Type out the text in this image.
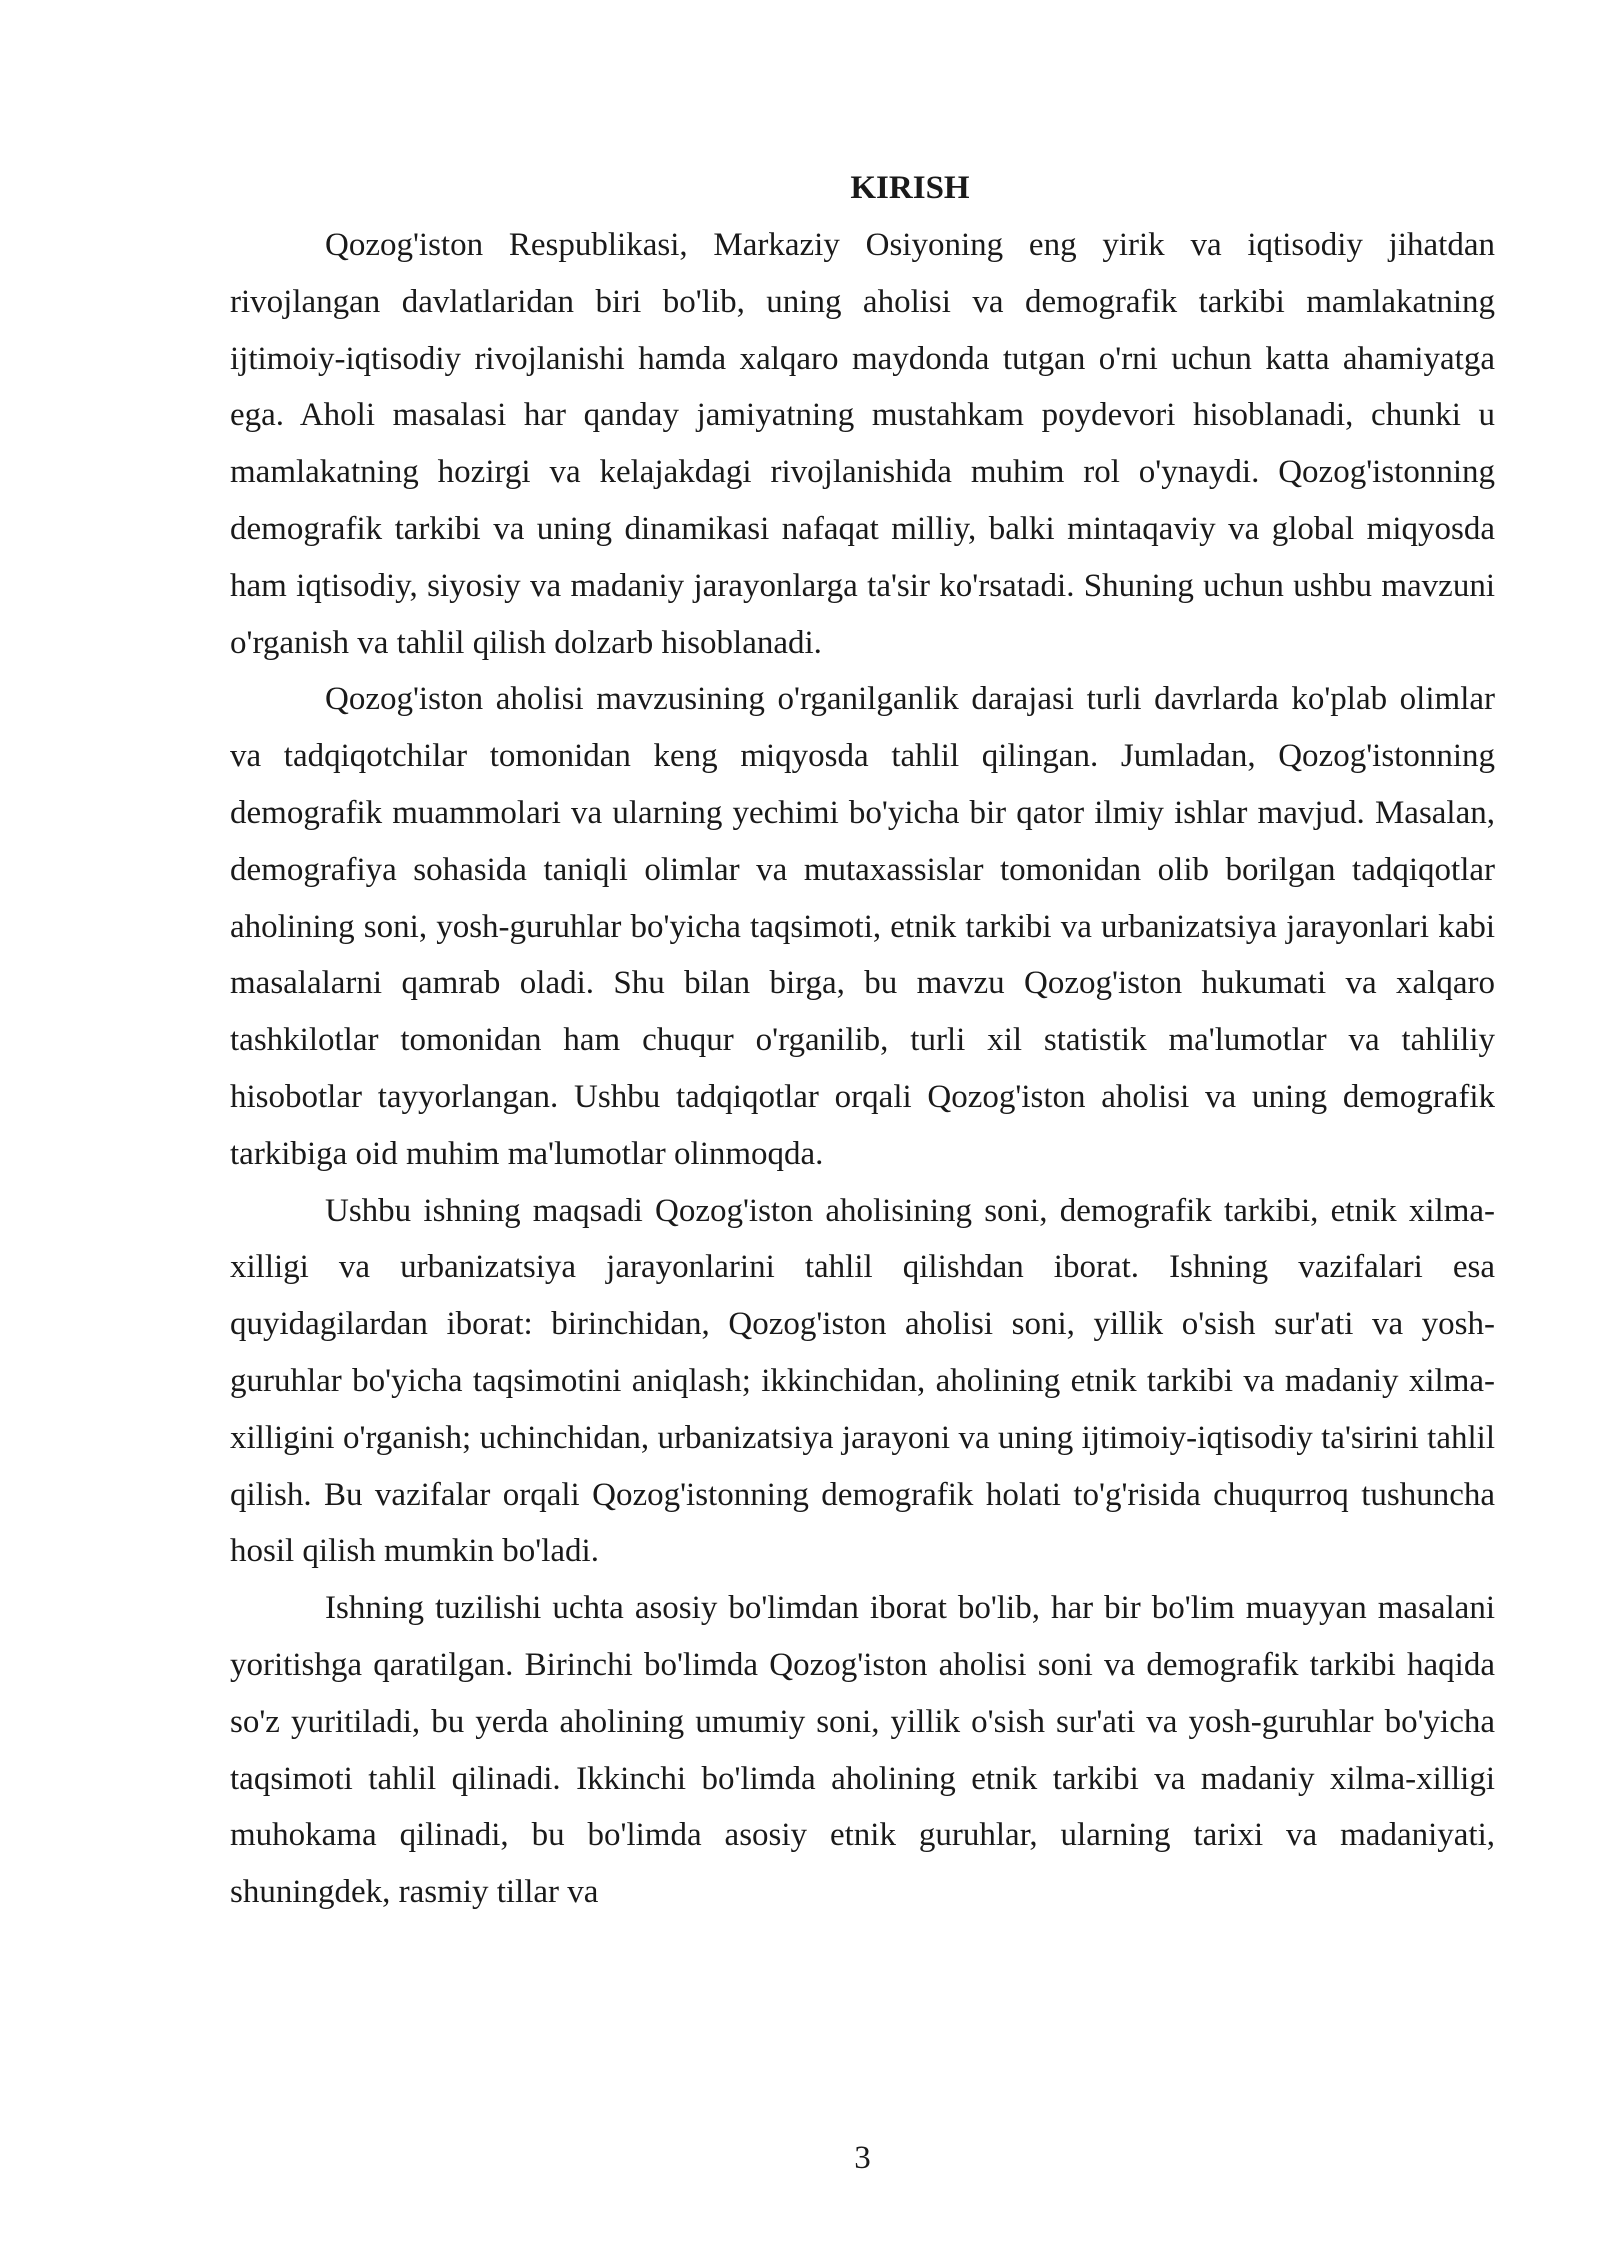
KIRISH

Qozog'iston Respublikasi, Markaziy Osiyoning eng yirik va iqtisodiy jihatdan rivojlangan davlatlaridan biri bo'lib, uning aholisi va demografik tarkibi mamlakatning ijtimoiy-iqtisodiy rivojlanishi hamda xalqaro maydonda tutgan o'rni uchun katta ahamiyatga ega. Aholi masalasi har qanday jamiyatning mustahkam poydevori hisoblanadi, chunki u mamlakatning hozirgi va kelajakdagi rivojlanishida muhim rol o'ynaydi. Qozog'istonning demografik tarkibi va uning dinamikasi nafaqat milliy, balki mintaqaviy va global miqyosda ham iqtisodiy, siyosiy va madaniy jarayonlarga ta'sir ko'rsatadi. Shuning uchun ushbu mavzuni o'rganish va tahlil qilish dolzarb hisoblanadi.

Qozog'iston aholisi mavzusining o'rganilganlik darajasi turli davrlarda ko'plab olimlar va tadqiqotchilar tomonidan keng miqyosda tahlil qilingan. Jumladan, Qozog'istonning demografik muammolari va ularning yechimi bo'yicha bir qator ilmiy ishlar mavjud. Masalan, demografiya sohasida taniqli olimlar va mutaxassislar tomonidan olib borilgan tadqiqotlar aholining soni, yosh-guruhlar bo'yicha taqsimoti, etnik tarkibi va urbanizatsiya jarayonlari kabi masalalarni qamrab oladi. Shu bilan birga, bu mavzu Qozog'iston hukumati va xalqaro tashkilotlar tomonidan ham chuqur o'rganilib, turli xil statistik ma'lumotlar va tahliliy hisobotlar tayyorlangan. Ushbu tadqiqotlar orqali Qozog'iston aholisi va uning demografik tarkibiga oid muhim ma'lumotlar olinmoqda.

Ushbu ishning maqsadi Qozog'iston aholisining soni, demografik tarkibi, etnik xilma-xilligi va urbanizatsiya jarayonlarini tahlil qilishdan iborat. Ishning vazifalari esa quyidagilardan iborat: birinchidan, Qozog'iston aholisi soni, yillik o'sish sur'ati va yosh-guruhlar bo'yicha taqsimotini aniqlash; ikkinchidan, aholining etnik tarkibi va madaniy xilma-xilligini o'rganish; uchinchidan, urbanizatsiya jarayoni va uning ijtimoiy-iqtisodiy ta'sirini tahlil qilish. Bu vazifalar orqali Qozog'istonning demografik holati to'g'risida chuqurroq tushuncha hosil qilish mumkin bo'ladi.

Ishning tuzilishi uchta asosiy bo'limdan iborat bo'lib, har bir bo'lim muayyan masalani yoritishga qaratilgan. Birinchi bo'limda Qozog'iston aholisi soni va demografik tarkibi haqida so'z yuritiladi, bu yerda aholining umumiy soni, yillik o'sish sur'ati va yosh-guruhlar bo'yicha taqsimoti tahlil qilinadi. Ikkinchi bo'limda aholining etnik tarkibi va madaniy xilma-xilligi muhokama qilinadi, bu bo'limda asosiy etnik guruhlar, ularning tarixi va madaniyati, shuningdek, rasmiy tillar va

3
